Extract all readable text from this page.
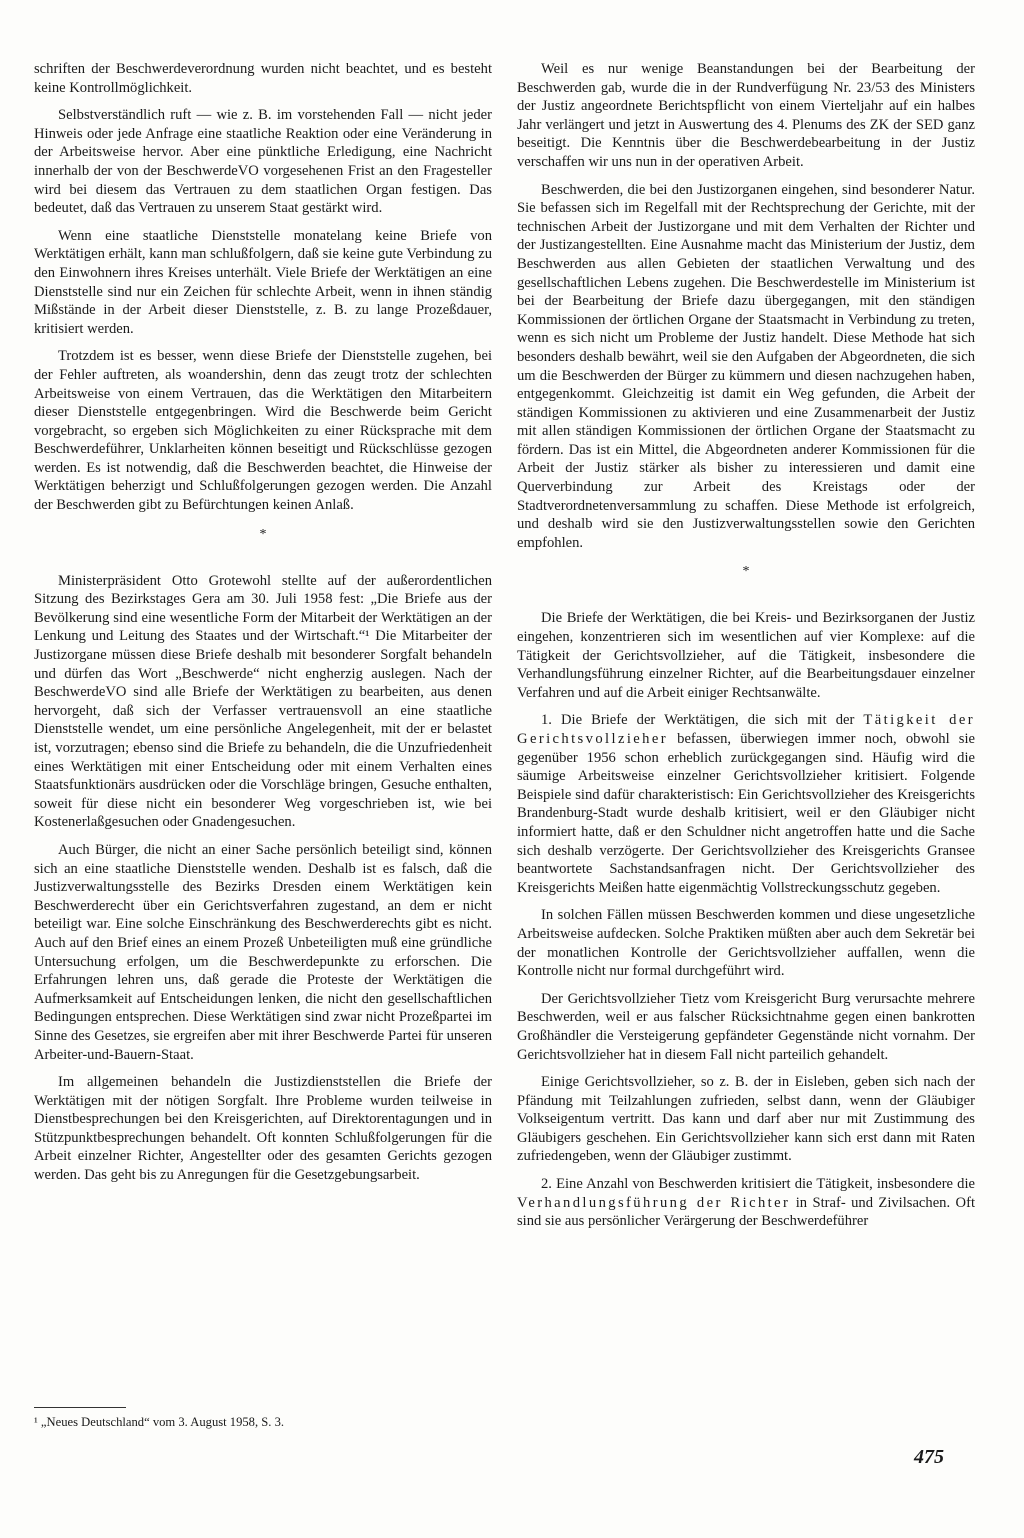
schriften der Beschwerdeverordnung wurden nicht beachtet, und es besteht keine Kontrollmöglichkeit.

Selbstverständlich ruft — wie z. B. im vorstehenden Fall — nicht jeder Hinweis oder jede Anfrage eine staatliche Reaktion oder eine Veränderung in der Arbeitsweise hervor. Aber eine pünktliche Erledigung, eine Nachricht innerhalb der von der BeschwerdeVO vorgesehenen Frist an den Fragesteller wird bei diesem das Vertrauen zu dem staatlichen Organ festigen. Das bedeutet, daß das Vertrauen zu unserem Staat gestärkt wird.

Wenn eine staatliche Dienststelle monatelang keine Briefe von Werktätigen erhält, kann man schlußfolgern, daß sie keine gute Verbindung zu den Einwohnern ihres Kreises unterhält. Viele Briefe der Werktätigen an eine Dienststelle sind nur ein Zeichen für schlechte Arbeit, wenn in ihnen ständig Mißstände in der Arbeit dieser Dienststelle, z. B. zu lange Prozeßdauer, kritisiert werden.

Trotzdem ist es besser, wenn diese Briefe der Dienststelle zugehen, bei der Fehler auftreten, als woandershin, denn das zeugt trotz der schlechten Arbeitsweise von einem Vertrauen, das die Werktätigen den Mitarbeitern dieser Dienststelle entgegenbringen. Wird die Beschwerde beim Gericht vorgebracht, so ergeben sich Möglichkeiten zu einer Rücksprache mit dem Beschwerdeführer, Unklarheiten können beseitigt und Rückschlüsse gezogen werden. Es ist notwendig, daß die Beschwerden beachtet, die Hinweise der Werktätigen beherzigt und Schlußfolgerungen gezogen werden. Die Anzahl der Beschwerden gibt zu Befürchtungen keinen Anlaß.

*

Ministerpräsident Otto Grotewohl stellte auf der außerordentlichen Sitzung des Bezirkstages Gera am 30. Juli 1958 fest: „Die Briefe aus der Bevölkerung sind eine wesentliche Form der Mitarbeit der Werktätigen an der Lenkung und Leitung des Staates und der Wirtschaft.“¹ Die Mitarbeiter der Justizorgane müssen diese Briefe deshalb mit besonderer Sorgfalt behandeln und dürfen das Wort „Beschwerde“ nicht engherzig auslegen. Nach der BeschwerdeVO sind alle Briefe der Werktätigen zu bearbeiten, aus denen hervorgeht, daß sich der Verfasser vertrauensvoll an eine staatliche Dienststelle wendet, um eine persönliche Angelegenheit, mit der er belastet ist, vorzutragen; ebenso sind die Briefe zu behandeln, die die Unzufriedenheit eines Werktätigen mit einer Entscheidung oder mit einem Verhalten eines Staatsfunktionärs ausdrücken oder die Vorschläge bringen, Gesuche enthalten, soweit für diese nicht ein besonderer Weg vorgeschrieben ist, wie bei Kostenerlaßgesuchen oder Gnadengesuchen.

Auch Bürger, die nicht an einer Sache persönlich beteiligt sind, können sich an eine staatliche Dienststelle wenden. Deshalb ist es falsch, daß die Justizverwaltungsstelle des Bezirks Dresden einem Werktätigen kein Beschwerderecht über ein Gerichtsverfahren zugestand, an dem er nicht beteiligt war. Eine solche Einschränkung des Beschwerderechts gibt es nicht. Auch auf den Brief eines an einem Prozeß Unbeteiligten muß eine gründliche Untersuchung erfolgen, um die Beschwerdepunkte zu erforschen. Die Erfahrungen lehren uns, daß gerade die Proteste der Werktätigen die Aufmerksamkeit auf Entscheidungen lenken, die nicht den gesellschaftlichen Bedingungen entsprechen. Diese Werktätigen sind zwar nicht Prozeßpartei im Sinne des Gesetzes, sie ergreifen aber mit ihrer Beschwerde Partei für unseren Arbeiter-und-Bauern-Staat.

Im allgemeinen behandeln die Justizdienststellen die Briefe der Werktätigen mit der nötigen Sorgfalt. Ihre Probleme wurden teilweise in Dienstbesprechungen bei den Kreisgerichten, auf Direktorentagungen und in Stützpunktbesprechungen behandelt. Oft konnten Schlußfolgerungen für die Arbeit einzelner Richter, Angestellter oder des gesamten Gerichts gezogen werden. Das geht bis zu Anregungen für die Gesetzgebungsarbeit.

¹ „Neues Deutschland“ vom 3. August 1958, S. 3.

Weil es nur wenige Beanstandungen bei der Bearbeitung der Beschwerden gab, wurde die in der Rundverfügung Nr. 23/53 des Ministers der Justiz angeordnete Berichtspflicht von einem Vierteljahr auf ein halbes Jahr verlängert und jetzt in Auswertung des 4. Plenums des ZK der SED ganz beseitigt. Die Kenntnis über die Beschwerdebearbeitung in der Justiz verschaffen wir uns nun in der operativen Arbeit.

Beschwerden, die bei den Justizorganen eingehen, sind besonderer Natur. Sie befassen sich im Regelfall mit der Rechtsprechung der Gerichte, mit der technischen Arbeit der Justizorgane und mit dem Verhalten der Richter und der Justizangestellten. Eine Ausnahme macht das Ministerium der Justiz, dem Beschwerden aus allen Gebieten der staatlichen Verwaltung und des gesellschaftlichen Lebens zugehen. Die Beschwerdestelle im Ministerium ist bei der Bearbeitung der Briefe dazu übergegangen, mit den ständigen Kommissionen der örtlichen Organe der Staatsmacht in Verbindung zu treten, wenn es sich nicht um Probleme der Justiz handelt. Diese Methode hat sich besonders deshalb bewährt, weil sie den Aufgaben der Abgeordneten, die sich um die Beschwerden der Bürger zu kümmern und diesen nachzugehen haben, entgegenkommt. Gleichzeitig ist damit ein Weg gefunden, die Arbeit der ständigen Kommissionen zu aktivieren und eine Zusammenarbeit der Justiz mit allen ständigen Kommissionen der örtlichen Organe der Staatsmacht zu fördern. Das ist ein Mittel, die Abgeordneten anderer Kommissionen für die Arbeit der Justiz stärker als bisher zu interessieren und damit eine Querverbindung zur Arbeit des Kreistags oder der Stadtverordnetenversammlung zu schaffen. Diese Methode ist erfolgreich, und deshalb wird sie den Justizverwaltungsstellen sowie den Gerichten empfohlen.

*

Die Briefe der Werktätigen, die bei Kreis- und Bezirksorganen der Justiz eingehen, konzentrieren sich im wesentlichen auf vier Komplexe: auf die Tätigkeit der Gerichtsvollzieher, auf die Tätigkeit, insbesondere die Verhandlungsführung einzelner Richter, auf die Bearbeitungsdauer einzelner Verfahren und auf die Arbeit einiger Rechtsanwälte.

1. Die Briefe der Werktätigen, die sich mit der Tätigkeit der Gerichtsvollzieher befassen, überwiegen immer noch, obwohl sie gegenüber 1956 schon erheblich zurückgegangen sind. Häufig wird die säumige Arbeitsweise einzelner Gerichtsvollzieher kritisiert. Folgende Beispiele sind dafür charakteristisch: Ein Gerichtsvollzieher des Kreisgerichts Brandenburg-Stadt wurde deshalb kritisiert, weil er den Gläubiger nicht informiert hatte, daß er den Schuldner nicht angetroffen hatte und die Sache sich deshalb verzögerte. Der Gerichtsvollzieher des Kreisgerichts Gransee beantwortete Sachstandsanfragen nicht. Der Gerichtsvollzieher des Kreisgerichts Meißen hatte eigenmächtig Vollstreckungsschutz gegeben.

In solchen Fällen müssen Beschwerden kommen und diese ungesetzliche Arbeitsweise aufdecken. Solche Praktiken müßten aber auch dem Sekretär bei der monatlichen Kontrolle der Gerichtsvollzieher auffallen, wenn die Kontrolle nicht nur formal durchgeführt wird.

Der Gerichtsvollzieher Tietz vom Kreisgericht Burg verursachte mehrere Beschwerden, weil er aus falscher Rücksichtnahme gegen einen bankrotten Großhändler die Versteigerung gepfändeter Gegenstände nicht vornahm. Der Gerichtsvollzieher hat in diesem Fall nicht parteilich gehandelt.

Einige Gerichtsvollzieher, so z. B. der in Eisleben, geben sich nach der Pfändung mit Teilzahlungen zufrieden, selbst dann, wenn der Gläubiger Volkseigentum vertritt. Das kann und darf aber nur mit Zustimmung des Gläubigers geschehen. Ein Gerichtsvollzieher kann sich erst dann mit Raten zufriedengeben, wenn der Gläubiger zustimmt.

2. Eine Anzahl von Beschwerden kritisiert die Tätigkeit, insbesondere die Verhandlungsführung der Richter in Straf- und Zivilsachen. Oft sind sie aus persönlicher Verärgerung der Beschwerdeführer

475
